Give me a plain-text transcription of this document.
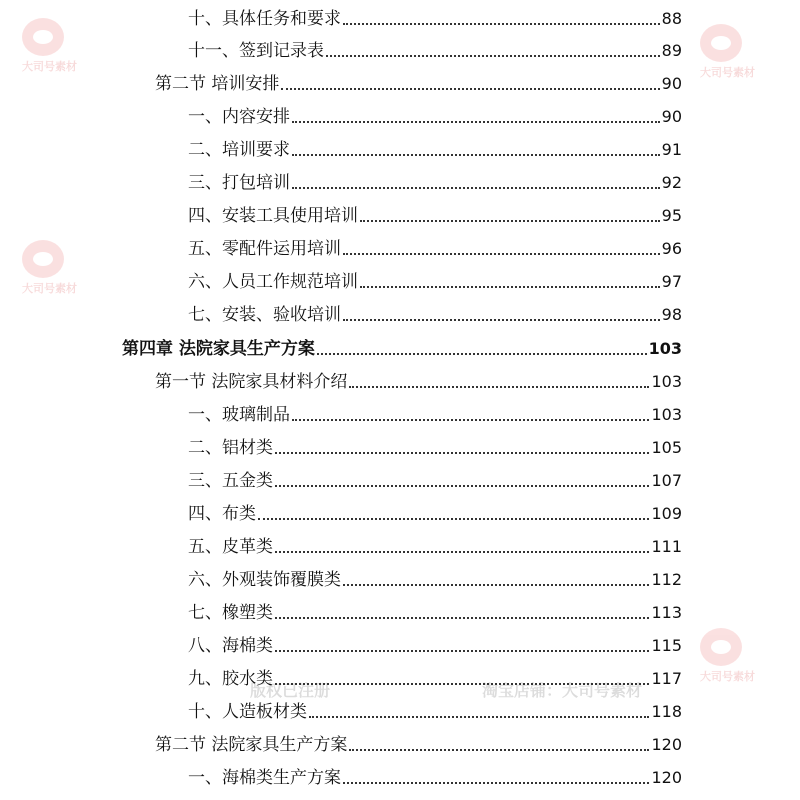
大司号素材	大司号素材
大司号素材
大司号素材
版权已注册	淘宝店铺：大司号素材
十、具体任务和要求	88
十一、签到记录表	89
第二节 培训安排	90
一、内容安排	90
二、培训要求	91
三、打包培训	92
四、安装工具使用培训	95
五、零配件运用培训	96
六、人员工作规范培训	97
七、安装、验收培训	98
第四章 法院家具生产方案	103
第一节 法院家具材料介绍	103
一、玻璃制品	103
二、铝材类	105
三、五金类	107
四、布类	109
五、皮革类	111
六、外观装饰覆膜类	112
七、橡塑类	113
八、海棉类	115
九、胶水类	117
十、人造板材类	118
第二节 法院家具生产方案	120
一、海棉类生产方案	120
